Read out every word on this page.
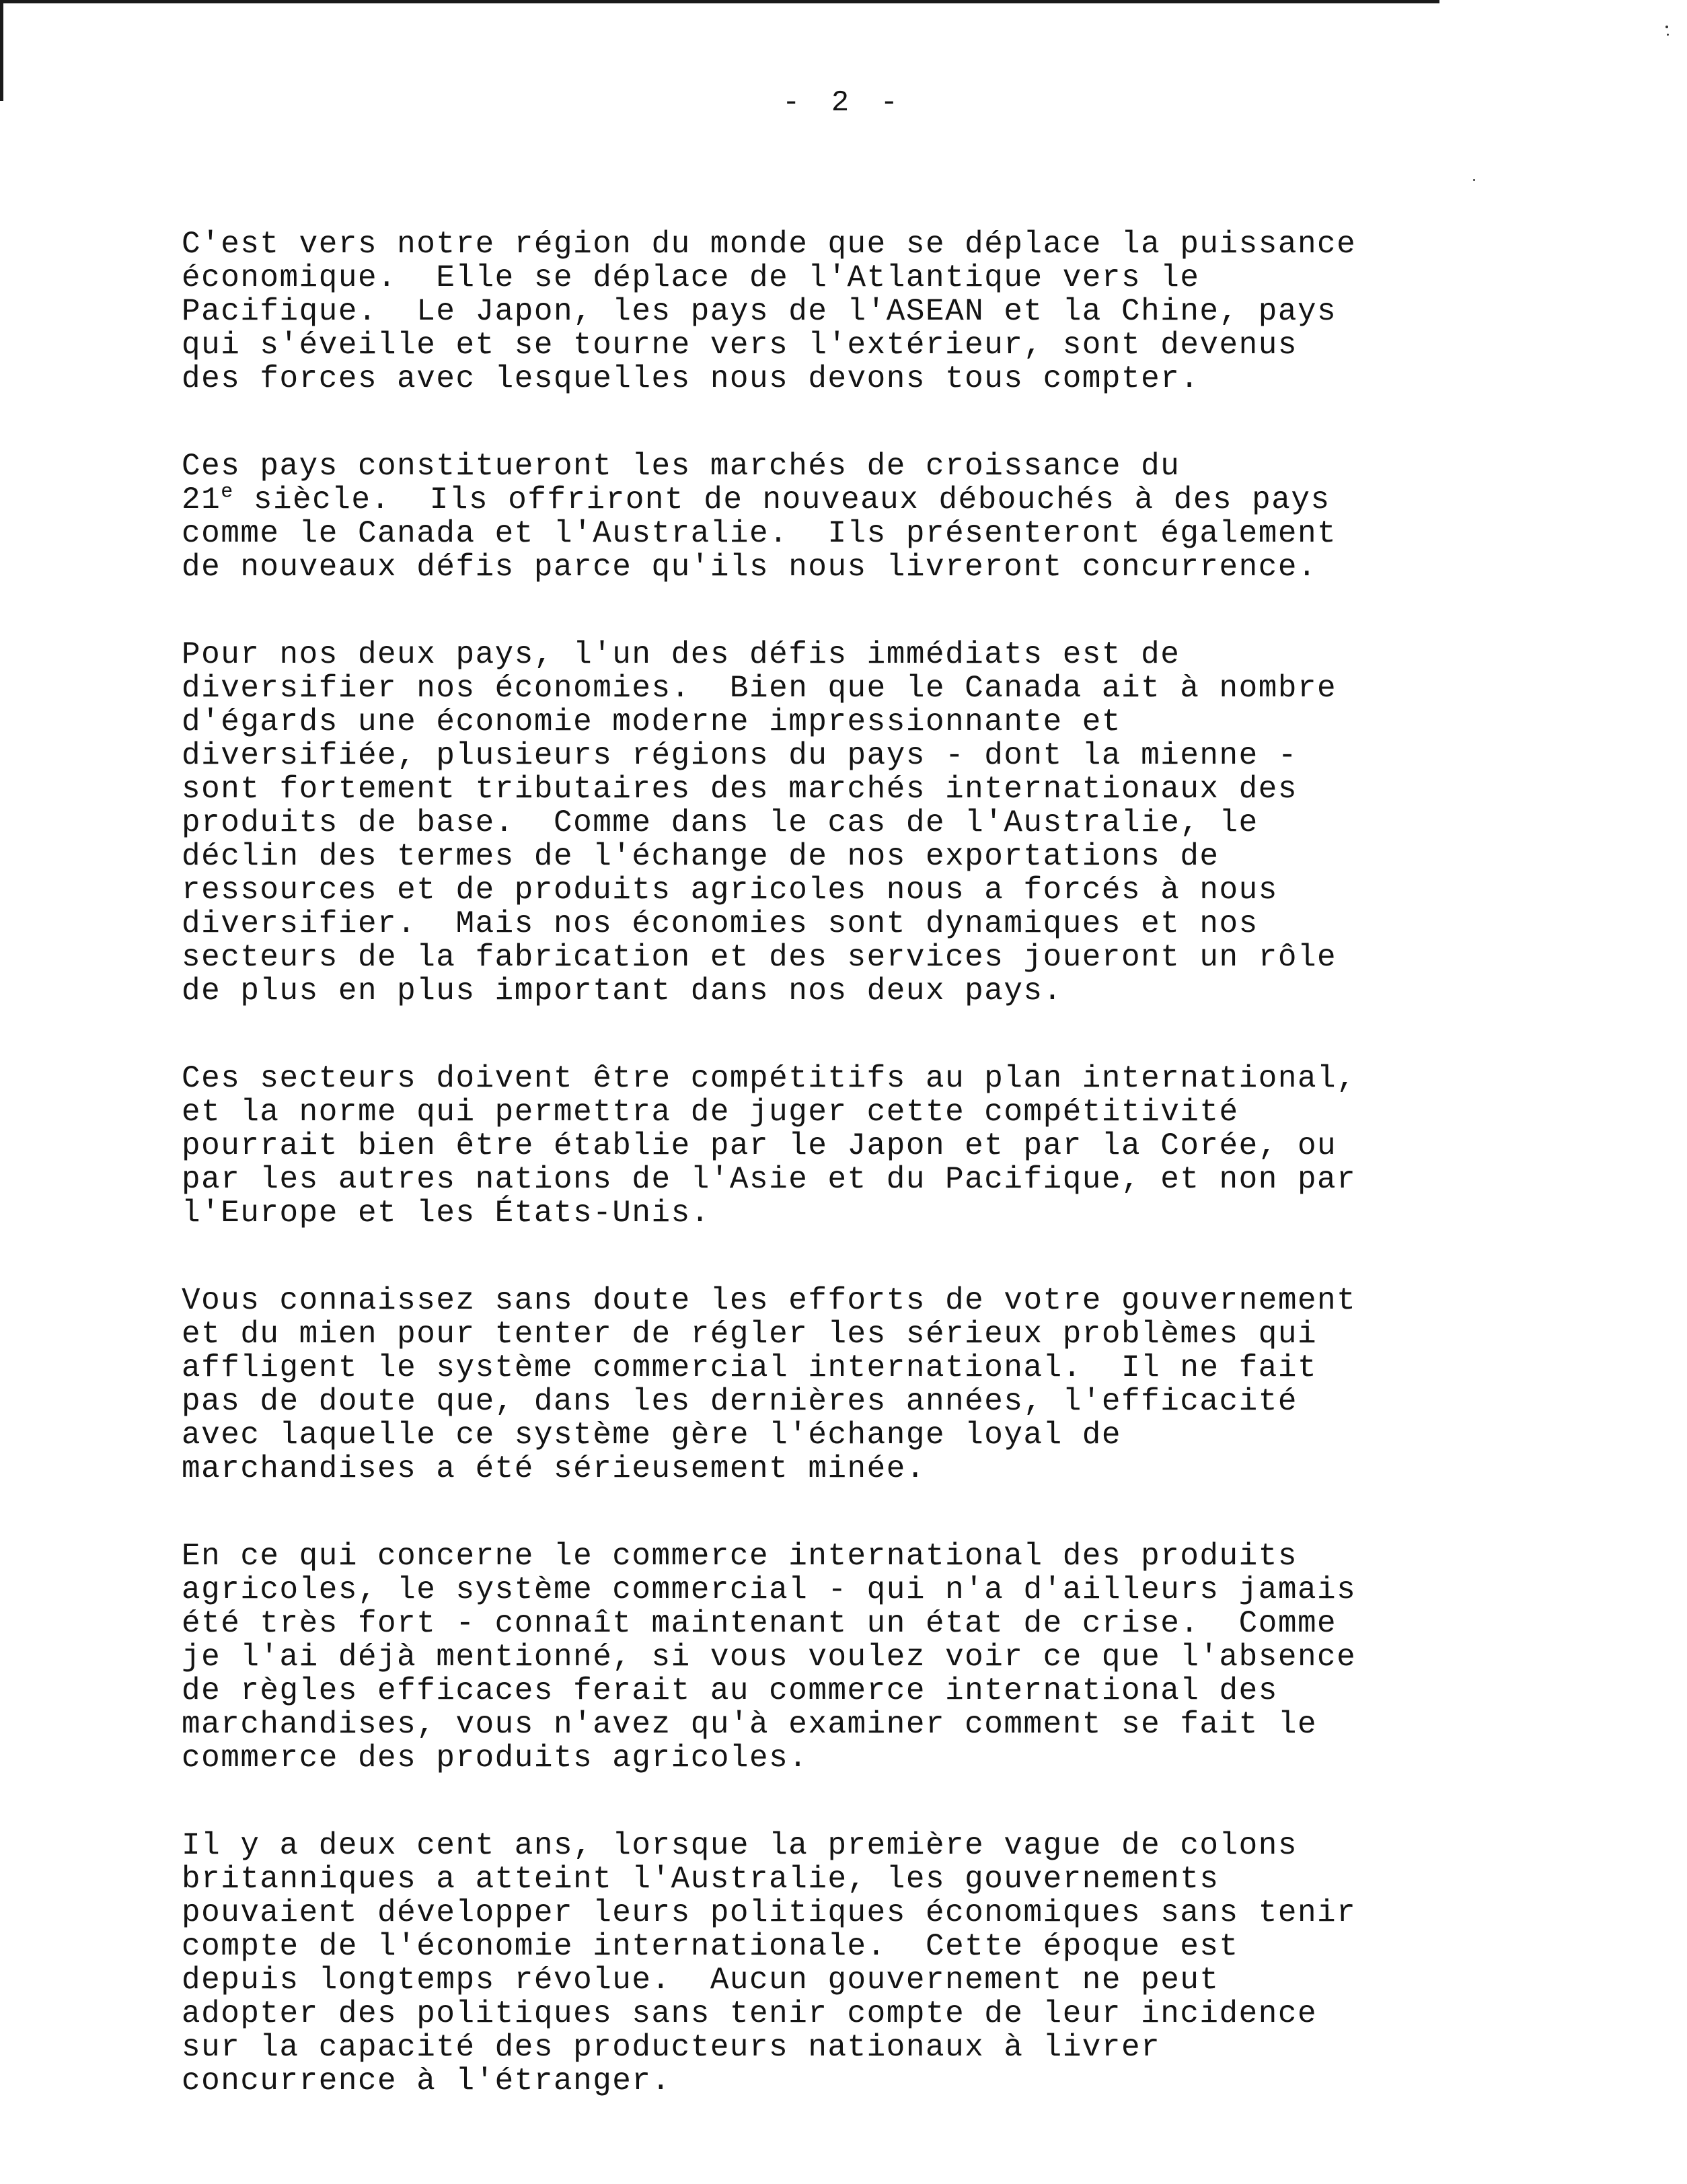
- 2 -
C'est vers notre région du monde que se déplace la puissance
économique.  Elle se déplace de l'Atlantique vers le
Pacifique.  Le Japon, les pays de l'ASEAN et la Chine, pays
qui s'éveille et se tourne vers l'extérieur, sont devenus
des forces avec lesquelles nous devons tous compter.
Ces pays constitueront les marchés de croissance du
21e siècle.  Ils offriront de nouveaux débouchés à des pays
comme le Canada et l'Australie.  Ils présenteront également
de nouveaux défis parce qu'ils nous livreront concurrence.
Pour nos deux pays, l'un des défis immédiats est de
diversifier nos économies.  Bien que le Canada ait à nombre
d'égards une économie moderne impressionnante et
diversifiée, plusieurs régions du pays - dont la mienne -
sont fortement tributaires des marchés internationaux des
produits de base.  Comme dans le cas de l'Australie, le
déclin des termes de l'échange de nos exportations de
ressources et de produits agricoles nous a forcés à nous
diversifier.  Mais nos économies sont dynamiques et nos
secteurs de la fabrication et des services joueront un rôle
de plus en plus important dans nos deux pays.
Ces secteurs doivent être compétitifs au plan international,
et la norme qui permettra de juger cette compétitivité
pourrait bien être établie par le Japon et par la Corée, ou
par les autres nations de l'Asie et du Pacifique, et non par
l'Europe et les États-Unis.
Vous connaissez sans doute les efforts de votre gouvernement
et du mien pour tenter de régler les sérieux problèmes qui
affligent le système commercial international.  Il ne fait
pas de doute que, dans les dernières années, l'efficacité
avec laquelle ce système gère l'échange loyal de
marchandises a été sérieusement minée.
En ce qui concerne le commerce international des produits
agricoles, le système commercial - qui n'a d'ailleurs jamais
été très fort - connaît maintenant un état de crise.  Comme
je l'ai déjà mentionné, si vous voulez voir ce que l'absence
de règles efficaces ferait au commerce international des
marchandises, vous n'avez qu'à examiner comment se fait le
commerce des produits agricoles.
Il y a deux cent ans, lorsque la première vague de colons
britanniques a atteint l'Australie, les gouvernements
pouvaient développer leurs politiques économiques sans tenir
compte de l'économie internationale.  Cette époque est
depuis longtemps révolue.  Aucun gouvernement ne peut
adopter des politiques sans tenir compte de leur incidence
sur la capacité des producteurs nationaux à livrer
concurrence à l'étranger.
